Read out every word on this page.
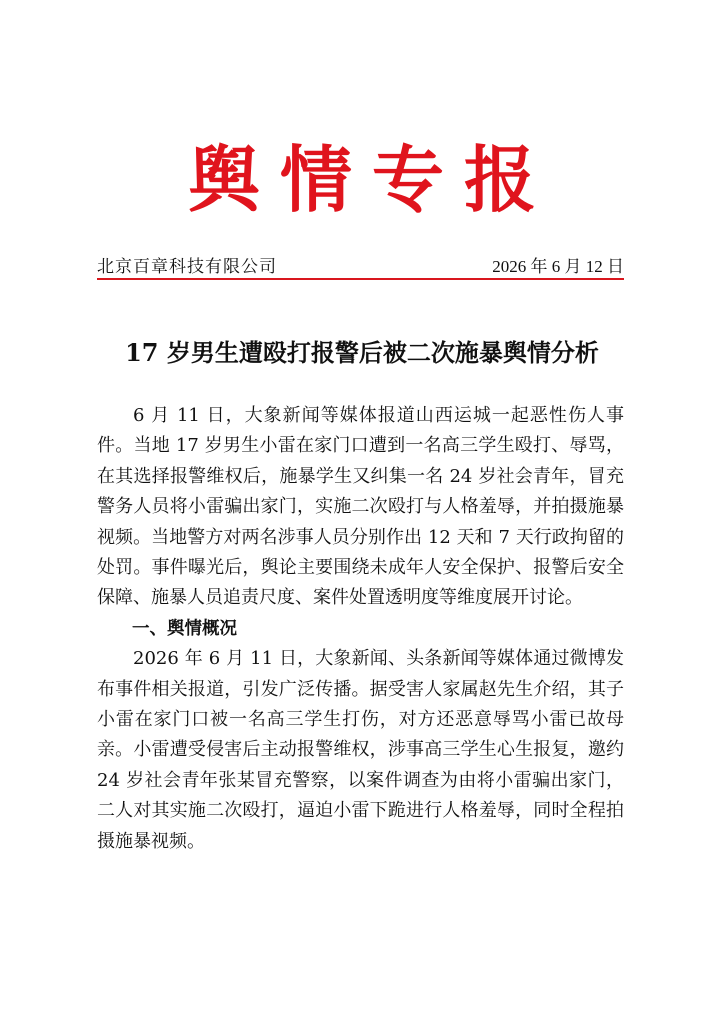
舆情专报
北京百章科技有限公司	2026 年 6 月 12 日
17 岁男生遭殴打报警后被二次施暴舆情分析

6 月 11 日，大象新闻等媒体报道山西运城一起恶性伤人事件。当地 17 岁男生小雷在家门口遭到一名高三学生殴打、辱骂，在其选择报警维权后，施暴学生又纠集一名 24 岁社会青年，冒充警务人员将小雷骗出家门，实施二次殴打与人格羞辱，并拍摄施暴视频。当地警方对两名涉事人员分别作出 12 天和 7 天行政拘留的处罚。事件曝光后，舆论主要围绕未成年人安全保护、报警后安全保障、施暴人员追责尺度、案件处置透明度等维度展开讨论。

一、舆情概况

2026 年 6 月 11 日，大象新闻、头条新闻等媒体通过微博发布事件相关报道，引发广泛传播。据受害人家属赵先生介绍，其子小雷在家门口被一名高三学生打伤，对方还恶意辱骂小雷已故母亲。小雷遭受侵害后主动报警维权，涉事高三学生心生报复，邀约 24 岁社会青年张某冒充警察，以案件调查为由将小雷骗出家门，二人对其实施二次殴打，逼迫小雷下跪进行人格羞辱，同时全程拍摄施暴视频。
